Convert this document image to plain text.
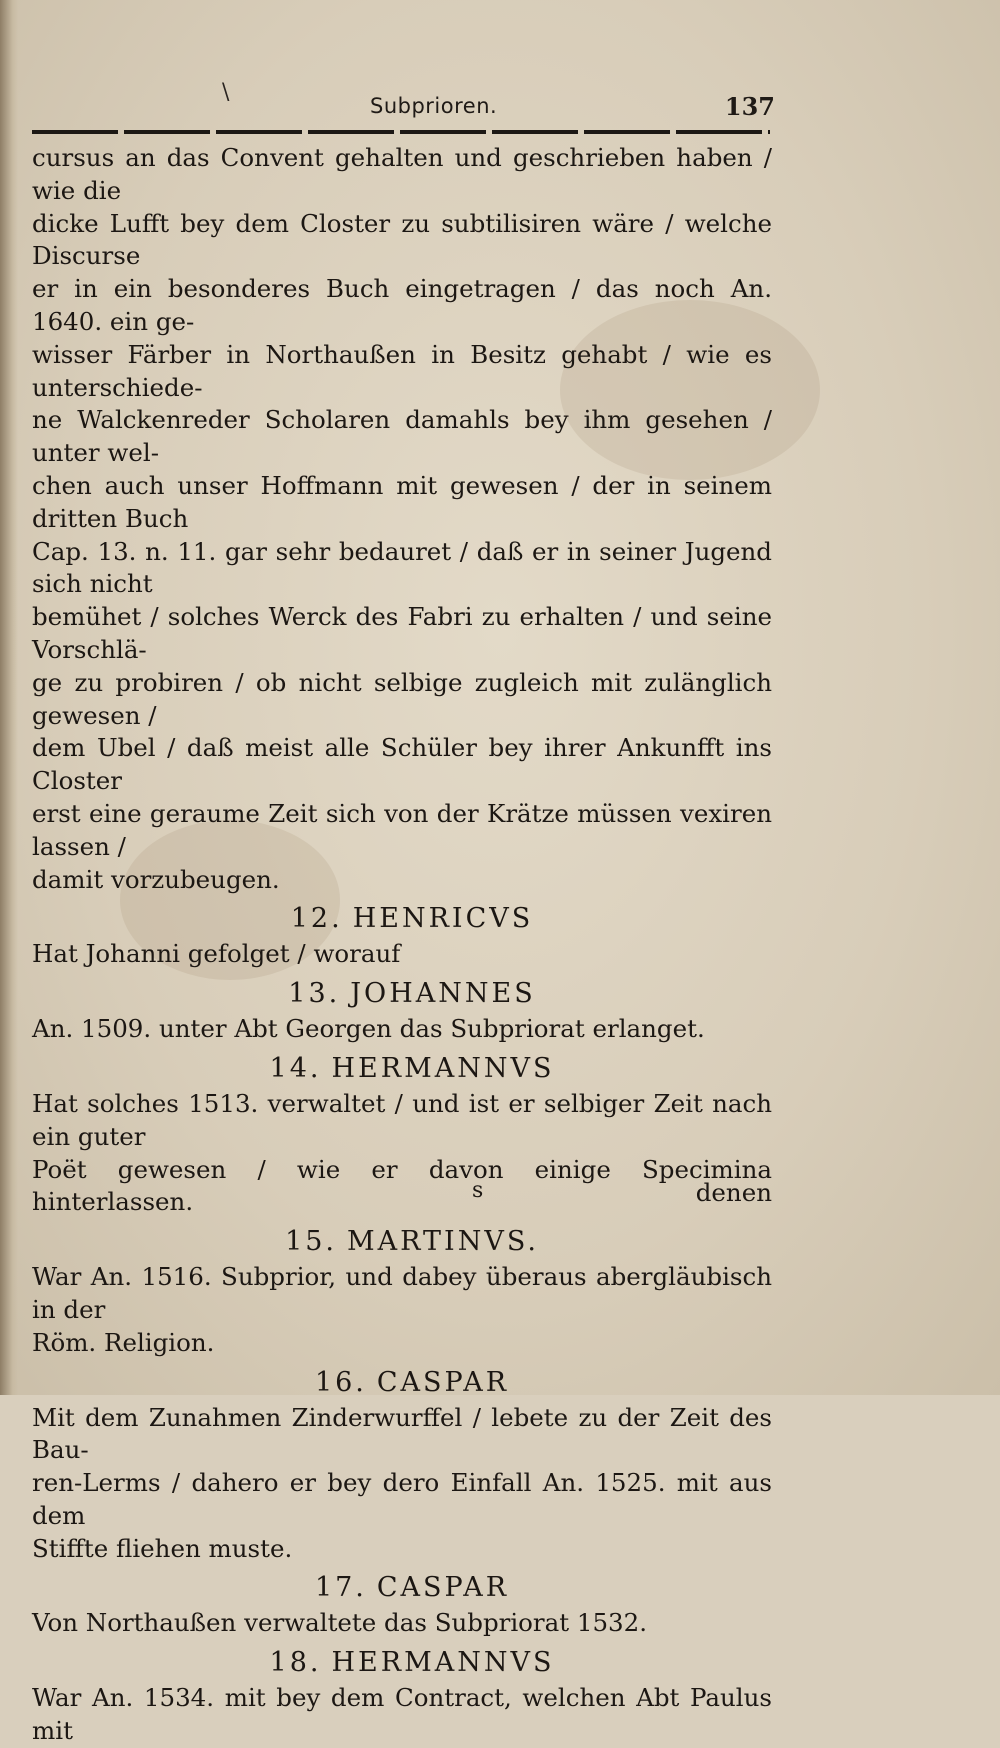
\
Subprioren.	137
cursus an das Convent gehalten und geschrieben haben / wie die
dicke Lufft bey dem Closter zu subtilisiren wäre / welche Discurse
er in ein besonderes Buch eingetragen / das noch An. 1640. ein ge-
wisser Färber in Northaußen in Besitz gehabt / wie es unterschiede-
ne Walckenreder Scholaren damahls bey ihm gesehen / unter wel-
chen auch unser Hoffmann mit gewesen / der in seinem dritten Buch
Cap. 13. n. 11. gar sehr bedauret / daß er in seiner Jugend sich nicht
bemühet / solches Werck des Fabri zu erhalten / und seine Vorschlä-
ge zu probiren / ob nicht selbige zugleich mit zulänglich gewesen /
dem Ubel / daß meist alle Schüler bey ihrer Ankunfft ins Closter
erst eine geraume Zeit sich von der Krätze müssen vexiren lassen /
damit vorzubeugen.
12. HENRICVS
Hat Johanni gefolget / worauf
13. JOHANNES
An. 1509. unter Abt Georgen das Subpriorat erlanget.
14. HERMANNVS
Hat solches 1513. verwaltet / und ist er selbiger Zeit nach ein guter
Poët gewesen / wie er davon einige Specimina hinterlassen.
15. MARTINVS.
War An. 1516. Subprior, und dabey überaus abergläubisch in der
Röm. Religion.
16. CASPAR
Mit dem Zunahmen Zinderwurffel / lebete zu der Zeit des Bau-
ren-Lerms / dahero er bey dero Einfall An. 1525. mit aus dem
Stiffte fliehen muste.
17. CASPAR
Von Northaußen verwaltete das Subpriorat 1532.
18. HERMANNVS
War An. 1534. mit bey dem Contract, welchen Abt Paulus mit
s	denen
